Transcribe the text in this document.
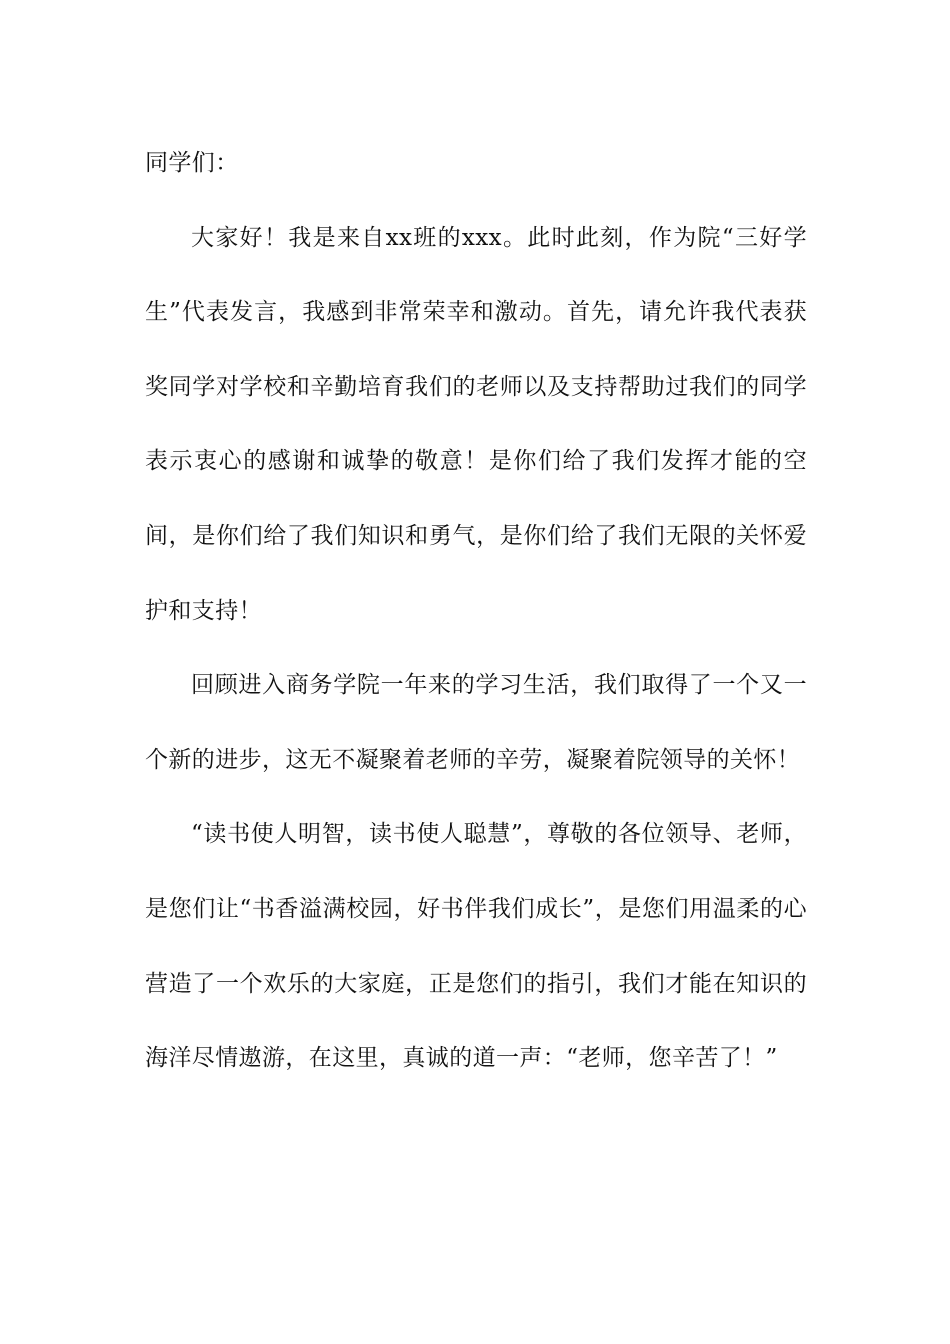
同学们：

大家好！我是来自xx班的xxx。此时此刻，作为院“三好学生”代表发言，我感到非常荣幸和激动。首先，请允许我代表获奖同学对学校和辛勤培育我们的老师以及支持帮助过我们的同学表示衷心的感谢和诚挚的敬意！是你们给了我们发挥才能的空间，是你们给了我们知识和勇气，是你们给了我们无限的关怀爱护和支持！

回顾进入商务学院一年来的学习生活，我们取得了一个又一个新的进步，这无不凝聚着老师的辛劳，凝聚着院领导的关怀！

“读书使人明智，读书使人聪慧”，尊敬的各位领导、老师，是您们让“书香溢满校园，好书伴我们成长”，是您们用温柔的心营造了一个欢乐的大家庭，正是您们的指引，我们才能在知识的海洋尽情遨游，在这里，真诚的道一声：“老师，您辛苦了！”
